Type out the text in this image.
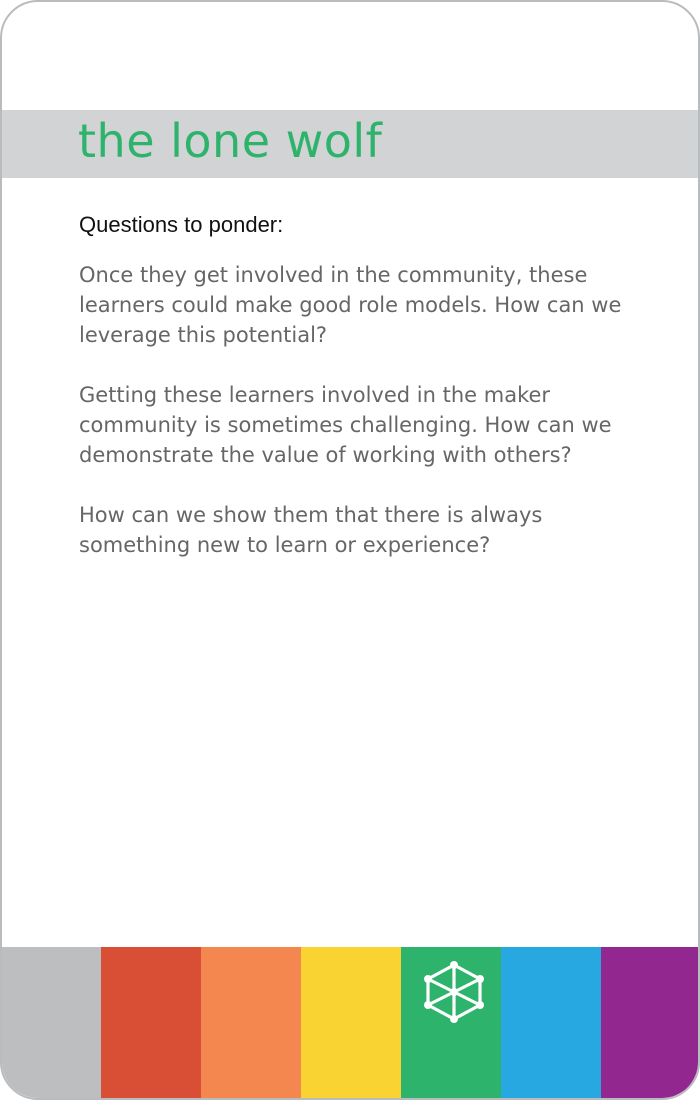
the lone wolf
Questions to ponder:

Once they get involved in the community, these learners could make good role models. How can we leverage this potential?

Getting these learners involved in the maker community is sometimes challenging. How can we demonstrate the value of working with others?

How can we show them that there is always something new to learn or experience?
